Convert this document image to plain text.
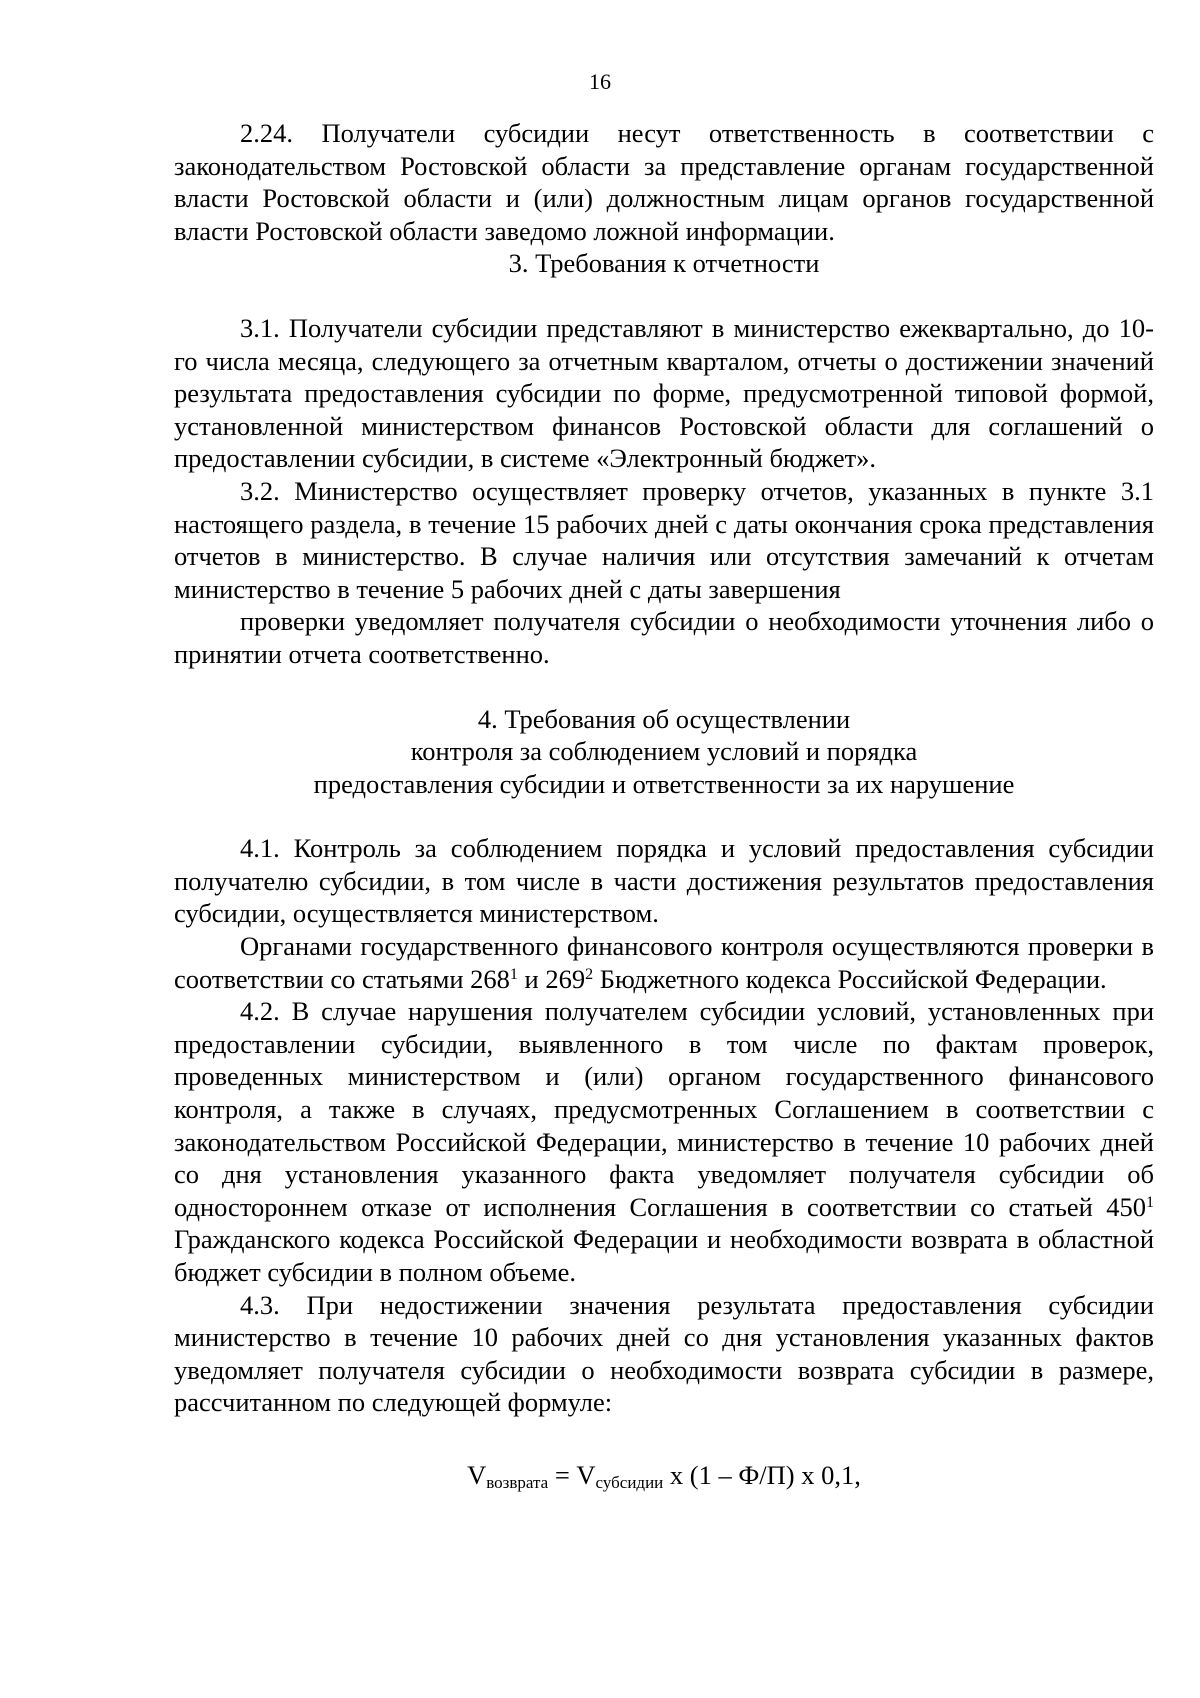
16

2.24. Получатели субсидии несут ответственность в соответствии с законодательством Ростовской области за представление органам государственной власти Ростовской области и (или) должностным лицам органов государственной власти Ростовской области заведомо ложной информации.

3. Требования к отчетности

3.1. Получатели субсидии представляют в министерство ежеквартально, до 10-го числа месяца, следующего за отчетным кварталом, отчеты о достижении значений результата предоставления субсидии по форме, предусмотренной типовой формой, установленной министерством финансов Ростовской области для соглашений о предоставлении субсидии, в системе «Электронный бюджет».

3.2. Министерство осуществляет проверку отчетов, указанных в пункте 3.1 настоящего раздела, в течение 15 рабочих дней с даты окончания срока представления отчетов в министерство. В случае наличия или отсутствия замечаний к отчетам министерство в течение 5 рабочих дней с даты завершения

проверки уведомляет получателя субсидии о необходимости уточнения либо о принятии отчета соответственно.

4. Требования об осуществлении
контроля за соблюдением условий и порядка
предоставления субсидии и ответственности за их нарушение

4.1. Контроль за соблюдением порядка и условий предоставления субсидии получателю субсидии, в том числе в части достижения результатов предоставления субсидии, осуществляется министерством.

Органами государственного финансового контроля осуществляются проверки в соответствии со статьями $268^1$ и $269^2$ Бюджетного кодекса Российской Федерации.

4.2. В случае нарушения получателем субсидии условий, установленных при предоставлении субсидии, выявленного в том числе по фактам проверок, проведенных министерством и (или) органом государственного финансового контроля, а также в случаях, предусмотренных Соглашением в соответствии с законодательством Российской Федерации, министерство в течение 10 рабочих дней со дня установления указанного факта уведомляет получателя субсидии об одностороннем отказе от исполнения Соглашения в соответствии со статьей $450^1$ Гражданского кодекса Российской Федерации и необходимости возврата в областной бюджет субсидии в полном объеме.

4.3. При недостижении значения результата предоставления субсидии министерство в течение 10 рабочих дней со дня установления указанных фактов уведомляет получателя субсидии о необходимости возврата субсидии в размере, рассчитанном по следующей формуле:

$V_{возврата} = V_{субсидии}$ x (1 – Ф/П) x 0,1,
